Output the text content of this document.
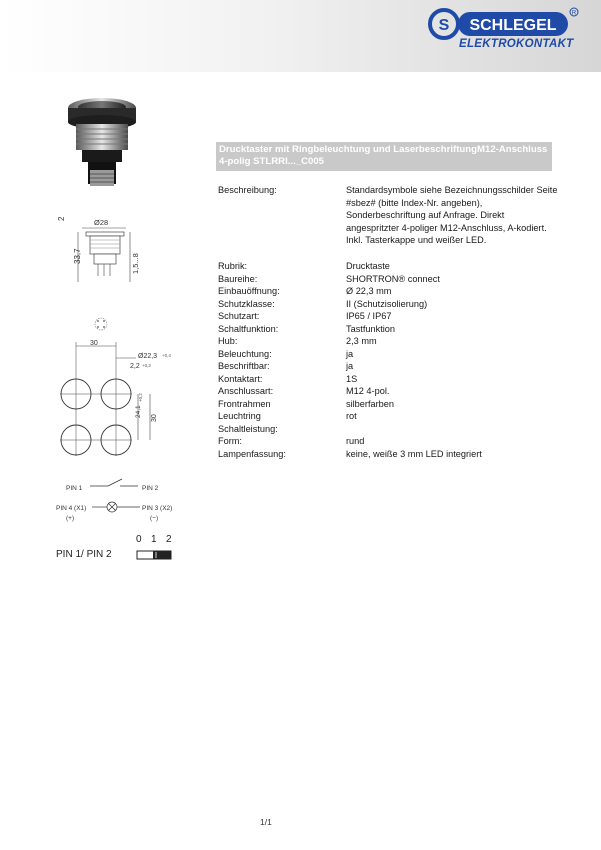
S SCHLEGEL
R
ELEKTROKONTAKT
Drucktaster mit Ringbeleuchtung und LaserbeschriftungM12-Anschluss 4-polig STLRRI..._C005
Beschreibung:	Standardsymbole siehe Bezeichnungsschilder Seite
#sbez# (bitte Index-Nr. angeben),
Sonderbeschriftung auf Anfrage. Direkt
angespritzter 4-poliger M12-Anschluss, A-kodiert.
Inkl. Tasterkappe und weißer LED.
Rubrik:	Drucktaste
Baureihe:	SHORTRON® connect
Einbauöffnung:	Ø 22,3 mm
Schutzklasse:	II (Schutzisolierung)
Schutzart:	IP65 / IP67
Schaltfunktion:	Tastfunktion
Hub:	2,3 mm
Beleuchtung:	ja
Beschriftbar:	ja
Kontaktart:	1S
Anschlussart:	M12 4-pol.
Frontrahmen	silberfarben
Leuchtring	rot
Schaltleistung:
Form:	rund
Lampenfassung:	keine, weiße 3 mm LED integriert
2	Ø28
33,7	1,5...8
30
Ø22,3 +0,4
2,2 +0,2
24,1
+0,2
30
PIN 1	PIN 2
PIN 4 (X1)
(+)
PIN 3 (X2)
(−)
0 1 2
PIN 1/ PIN 2
1/1
